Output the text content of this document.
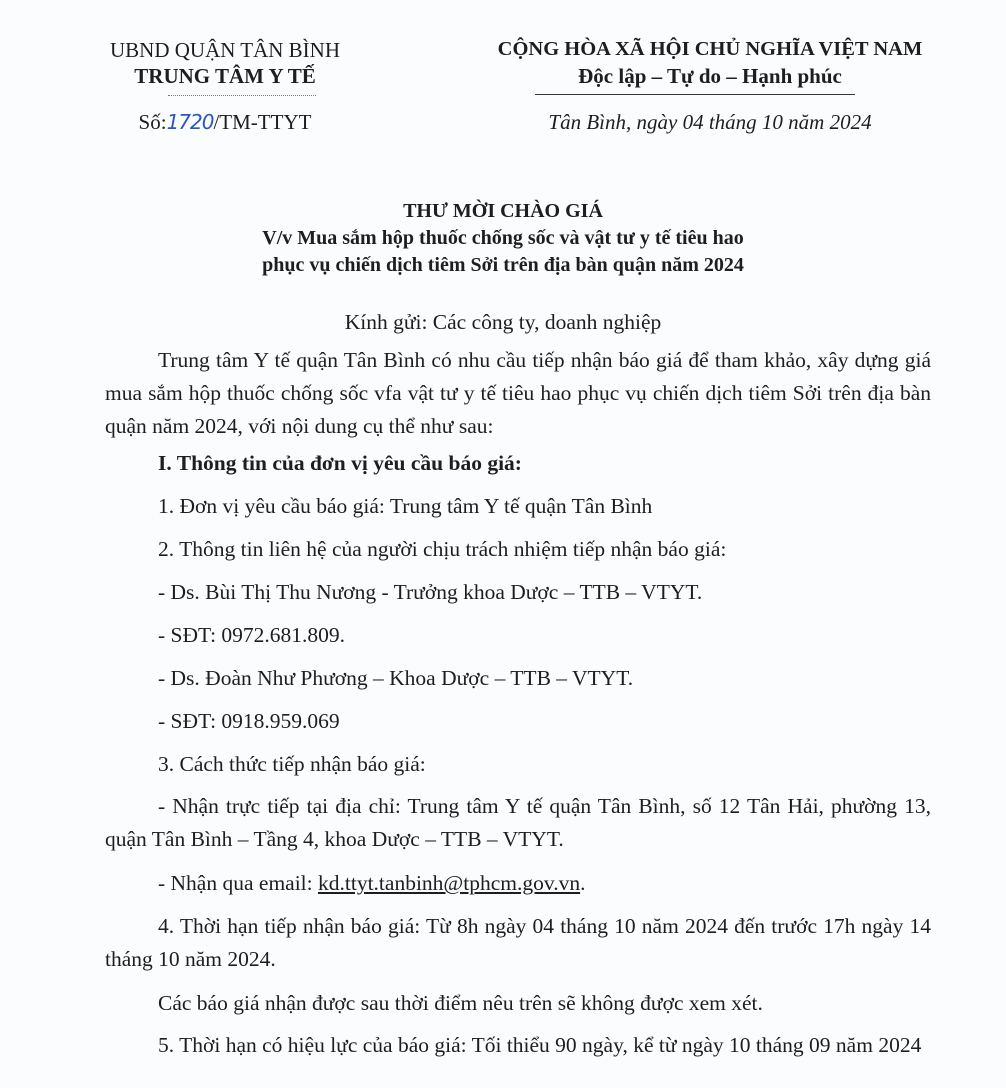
UBND QUẬN TÂN BÌNH
TRUNG TÂM Y TẾ
Số:1720/TM-TTYT
CỘNG HÒA XÃ HỘI CHỦ NGHĨA VIỆT NAM
Độc lập – Tự do – Hạnh phúc
Tân Bình, ngày 04 tháng 10 năm 2024
THƯ MỜI CHÀO GIÁ
V/v Mua sắm hộp thuốc chống sốc và vật tư y tế tiêu hao
phục vụ chiến dịch tiêm Sởi trên địa bàn quận năm 2024
Kính gửi: Các công ty, doanh nghiệp
Trung tâm Y tế quận Tân Bình có nhu cầu tiếp nhận báo giá để tham khảo, xây dựng giá mua sắm hộp thuốc chống sốc vfa vật tư y tế tiêu hao phục vụ chiến dịch tiêm Sởi trên địa bàn quận năm 2024, với nội dung cụ thể như sau:
I. Thông tin của đơn vị yêu cầu báo giá:
1. Đơn vị yêu cầu báo giá: Trung tâm Y tế quận Tân Bình
2. Thông tin liên hệ của người chịu trách nhiệm tiếp nhận báo giá:
- Ds. Bùi Thị Thu Nương - Trưởng khoa Dược – TTB – VTYT.
- SĐT: 0972.681.809.
- Ds. Đoàn Như Phương – Khoa Dược – TTB – VTYT.
- SĐT: 0918.959.069
3. Cách thức tiếp nhận báo giá:
- Nhận trực tiếp tại địa chỉ: Trung tâm Y tế quận Tân Bình, số 12 Tân Hải, phường 13, quận Tân Bình – Tầng 4, khoa Dược – TTB – VTYT.
- Nhận qua email: kd.ttyt.tanbinh@tphcm.gov.vn.
4. Thời hạn tiếp nhận báo giá: Từ 8h ngày 04 tháng 10 năm 2024 đến trước 17h ngày 14 tháng 10 năm 2024.
Các báo giá nhận được sau thời điểm nêu trên sẽ không được xem xét.
5. Thời hạn có hiệu lực của báo giá: Tối thiểu 90 ngày, kể từ ngày 10 tháng 09 năm 2024
